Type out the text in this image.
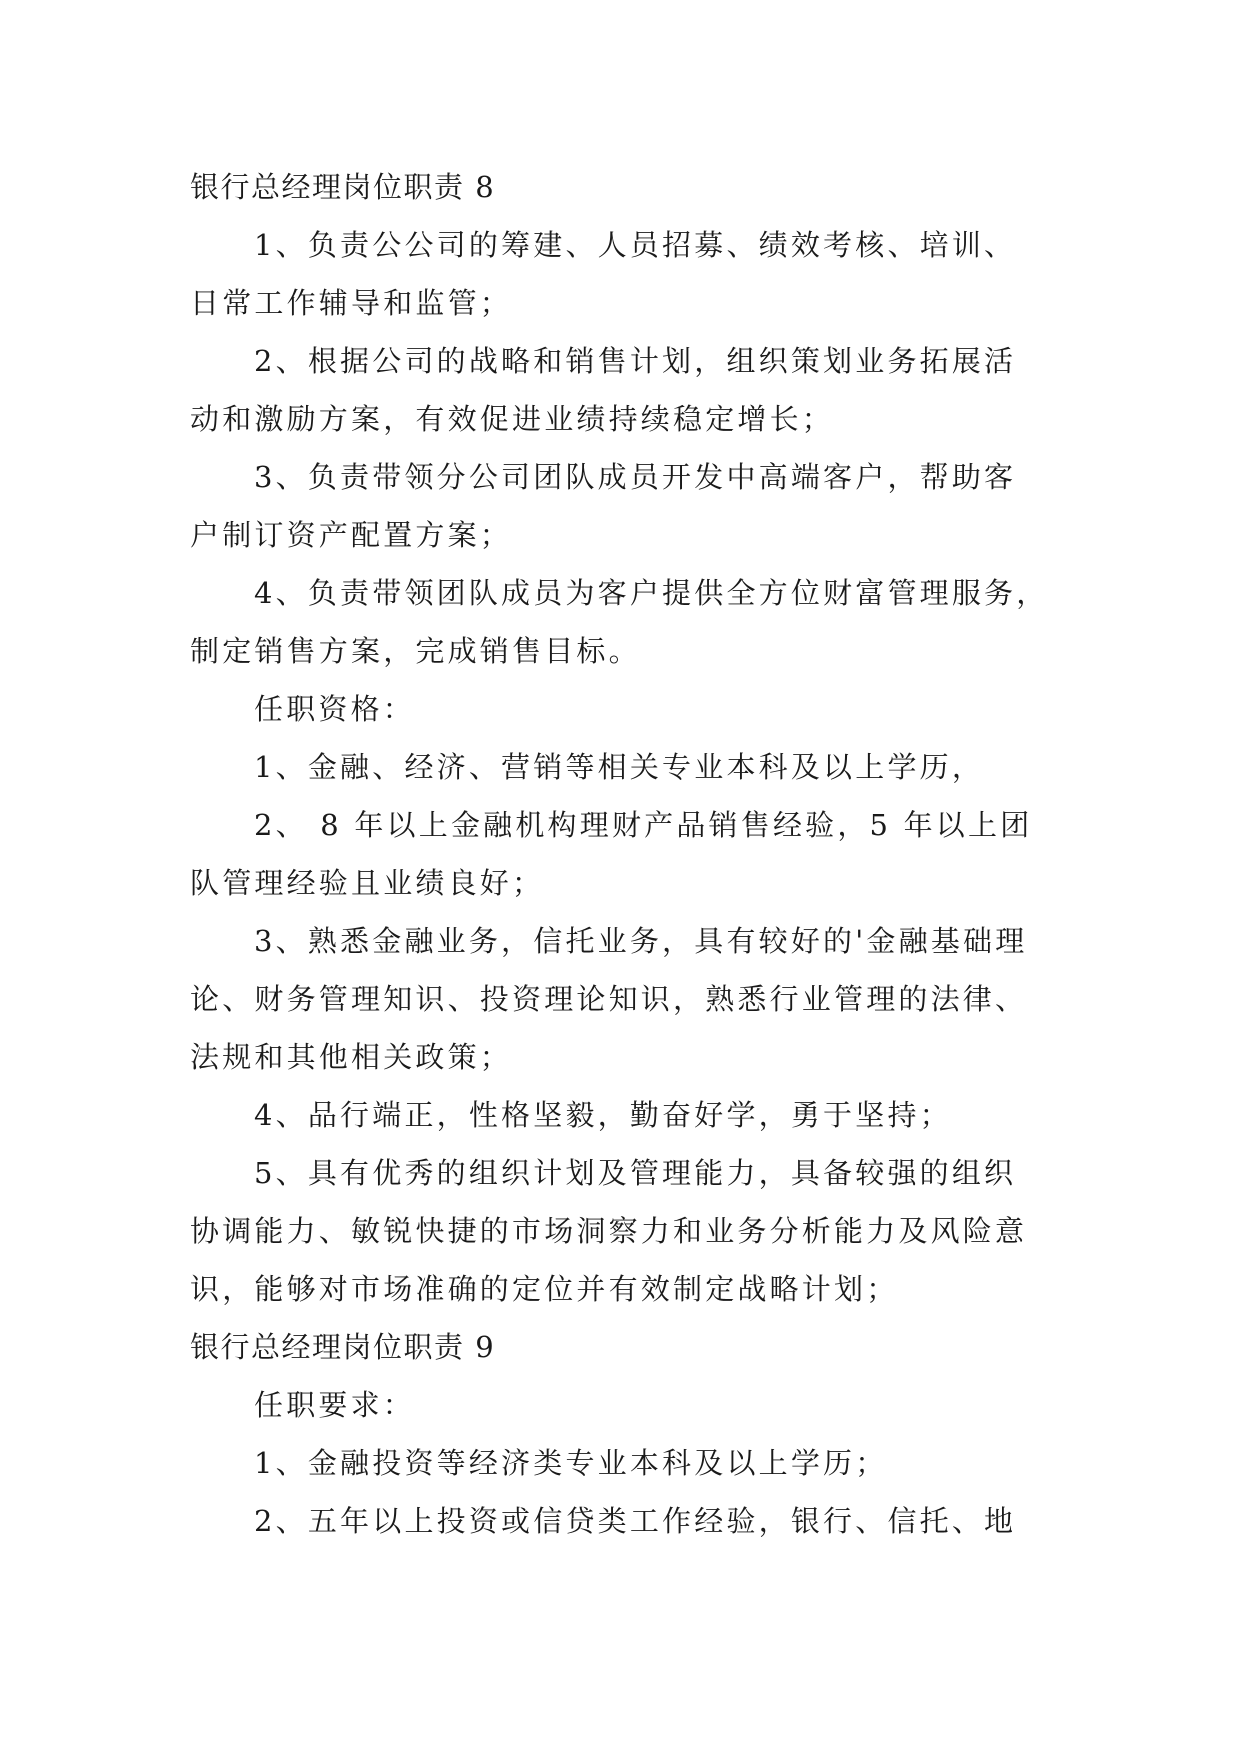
银行总经理岗位职责 8
1、负责公公司的筹建、人员招募、绩效考核、培训、
日常工作辅导和监管；
2、根据公司的战略和销售计划，组织策划业务拓展活
动和激励方案，有效促进业绩持续稳定增长；
3、负责带领分公司团队成员开发中高端客户，帮助客
户制订资产配置方案；
4、负责带领团队成员为客户提供全方位财富管理服务，
制定销售方案，完成销售目标。
任职资格：
1、金融、经济、营销等相关专业本科及以上学历，
2、 8 年以上金融机构理财产品销售经验，5 年以上团
队管理经验且业绩良好；
3、熟悉金融业务，信托业务，具有较好的'金融基础理
论、财务管理知识、投资理论知识，熟悉行业管理的法律、
法规和其他相关政策；
4、品行端正，性格坚毅，勤奋好学，勇于坚持；
5、具有优秀的组织计划及管理能力，具备较强的组织
协调能力、敏锐快捷的市场洞察力和业务分析能力及风险意
识，能够对市场准确的定位并有效制定战略计划；
银行总经理岗位职责 9
任职要求：
1、金融投资等经济类专业本科及以上学历；
2、五年以上投资或信贷类工作经验，银行、信托、地
